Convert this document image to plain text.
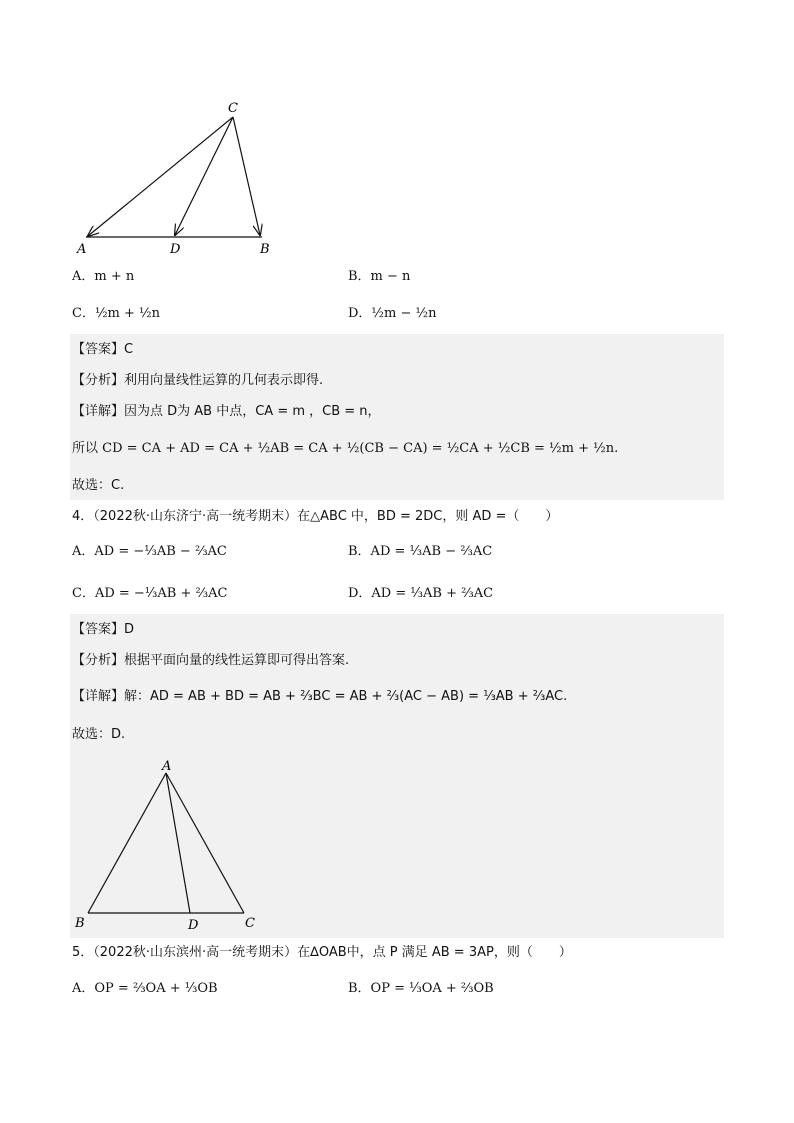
C
A	D	B
A．m + n	B．m − n
C．½m + ½n	D．½m − ½n
【答案】C
【分析】利用向量线性运算的几何表示即得.
【详解】因为点 D为 AB 中点，CA = m ，CB = n，
所以 CD = CA + AD = CA + ½AB = CA + ½(CB − CA) = ½CA + ½CB = ½m + ½n.
故选：C.
4．（2022秋·山东济宁·高一统考期末）在△ABC 中，BD = 2DC，则 AD =（　　）
A．AD = −⅓AB − ⅔AC	B．AD = ⅓AB − ⅔AC
C．AD = −⅓AB + ⅔AC	D．AD = ⅓AB + ⅔AC
【答案】D
【分析】根据平面向量的线性运算即可得出答案.
【详解】解：AD = AB + BD = AB + ⅔BC = AB + ⅔(AC − AB) = ⅓AB + ⅔AC.
故选：D.
A
B	D	C
5．（2022秋·山东滨州·高一统考期末）在∆OAB中，点 P 满足 AB = 3AP，则（　　）
A．OP = ⅔OA + ⅓OB	B．OP = ⅓OA + ⅔OB
